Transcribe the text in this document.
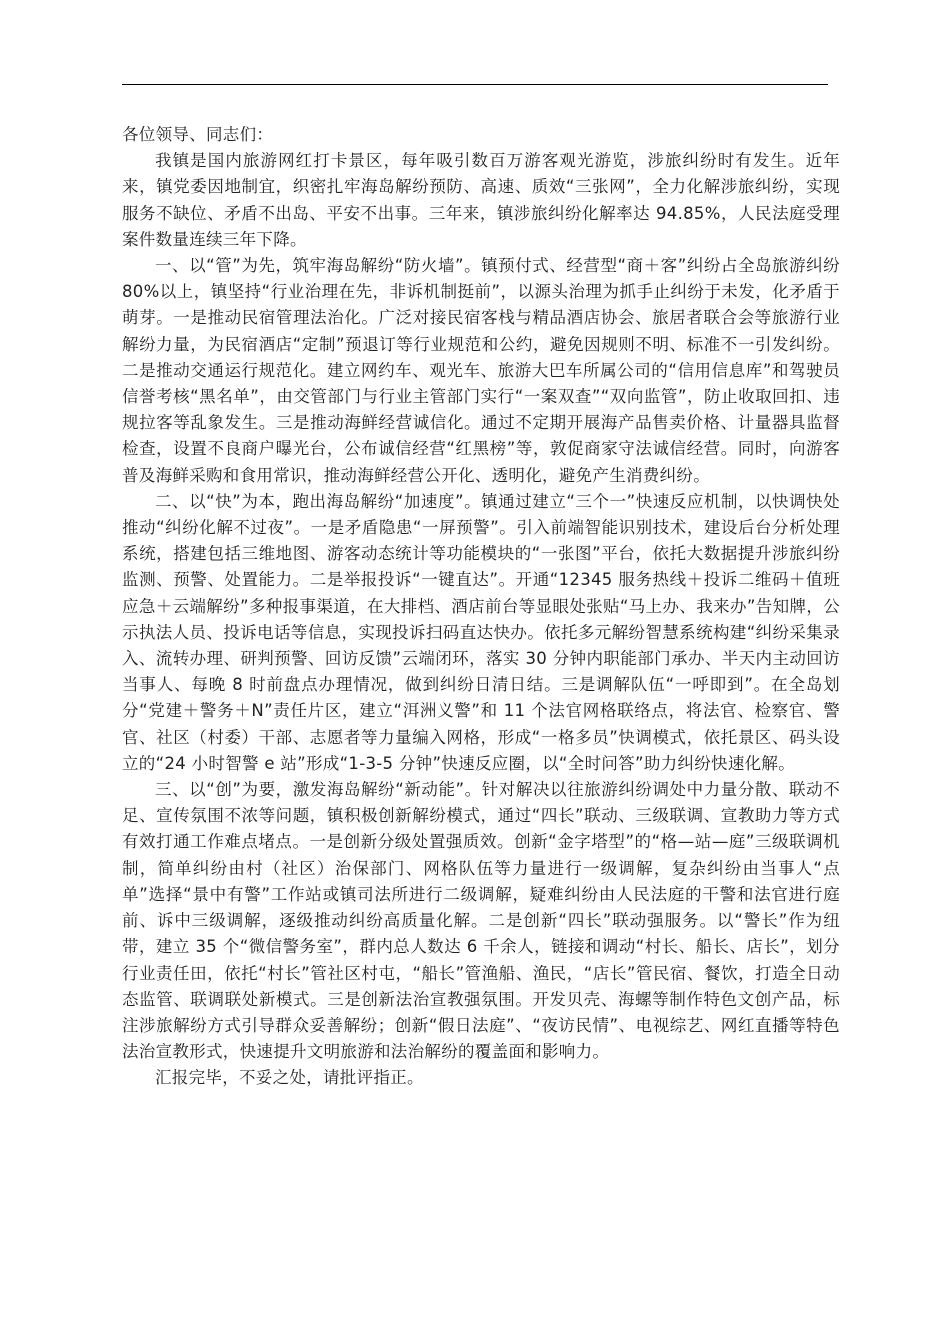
各位领导、同志们：

我镇是国内旅游网红打卡景区，每年吸引数百万游客观光游览，涉旅纠纷时有发生。近年来，镇党委因地制宜，织密扎牢海岛解纷预防、高速、质效“三张网”，全力化解涉旅纠纷，实现服务不缺位、矛盾不出岛、平安不出事。三年来，镇涉旅纠纷化解率达 94.85%，人民法庭受理案件数量连续三年下降。

一、以“管”为先，筑牢海岛解纷“防火墙”。镇预付式、经营型“商＋客”纠纷占全岛旅游纠纷 80%以上，镇坚持“行业治理在先，非诉机制挺前”，以源头治理为抓手止纠纷于未发，化矛盾于萌芽。一是推动民宿管理法治化。广泛对接民宿客栈与精品酒店协会、旅居者联合会等旅游行业解纷力量，为民宿酒店“定制”预退订等行业规范和公约，避免因规则不明、标准不一引发纠纷。二是推动交通运行规范化。建立网约车、观光车、旅游大巴车所属公司的“信用信息库”和驾驶员信誉考核“黑名单”，由交管部门与行业主管部门实行“一案双查”“双向监管”，防止收取回扣、违规拉客等乱象发生。三是推动海鲜经营诚信化。通过不定期开展海产品售卖价格、计量器具监督检查，设置不良商户曝光台，公布诚信经营“红黑榜”等，敦促商家守法诚信经营。同时，向游客普及海鲜采购和食用常识，推动海鲜经营公开化、透明化，避免产生消费纠纷。

二、以“快”为本，跑出海岛解纷“加速度”。镇通过建立“三个一”快速反应机制，以快调快处推动“纠纷化解不过夜”。一是矛盾隐患“一屏预警”。引入前端智能识别技术，建设后台分析处理系统，搭建包括三维地图、游客动态统计等功能模块的“一张图”平台，依托大数据提升涉旅纠纷监测、预警、处置能力。二是举报投诉“一键直达”。开通“12345 服务热线＋投诉二维码＋值班应急＋云端解纷”多种报事渠道，在大排档、酒店前台等显眼处张贴“马上办、我来办”告知牌，公示执法人员、投诉电话等信息，实现投诉扫码直达快办。依托多元解纷智慧系统构建“纠纷采集录入、流转办理、研判预警、回访反馈”云端闭环，落实 30 分钟内职能部门承办、半天内主动回访当事人、每晚 8 时前盘点办理情况，做到纠纷日清日结。三是调解队伍“一呼即到”。在全岛划分“党建＋警务＋N”责任片区，建立“洱洲义警”和 11 个法官网格联络点，将法官、检察官、警官、社区（村委）干部、志愿者等力量编入网格，形成“一格多员”快调模式，依托景区、码头设立的“24 小时智警 e 站”形成“1-3-5 分钟”快速反应圈，以“全时问答”助力纠纷快速化解。

三、以“创”为要，激发海岛解纷“新动能”。针对解决以往旅游纠纷调处中力量分散、联动不足、宣传氛围不浓等问题，镇积极创新解纷模式，通过“四长”联动、三级联调、宣教助力等方式有效打通工作难点堵点。一是创新分级处置强质效。创新“金字塔型”的“格—站—庭”三级联调机制，简单纠纷由村（社区）治保部门、网格队伍等力量进行一级调解，复杂纠纷由当事人“点单”选择“景中有警”工作站或镇司法所进行二级调解，疑难纠纷由人民法庭的干警和法官进行庭前、诉中三级调解，逐级推动纠纷高质量化解。二是创新“四长”联动强服务。以“警长”作为纽带，建立 35 个“微信警务室”，群内总人数达 6 千余人，链接和调动“村长、船长、店长”，划分行业责任田，依托“村长”管社区村屯，“船长”管渔船、渔民，“店长”管民宿、餐饮，打造全日动态监管、联调联处新模式。三是创新法治宣教强氛围。开发贝壳、海螺等制作特色文创产品，标注涉旅解纷方式引导群众妥善解纷；创新“假日法庭”、“夜访民情”、电视综艺、网红直播等特色法治宣教形式，快速提升文明旅游和法治解纷的覆盖面和影响力。

汇报完毕，不妥之处，请批评指正。
